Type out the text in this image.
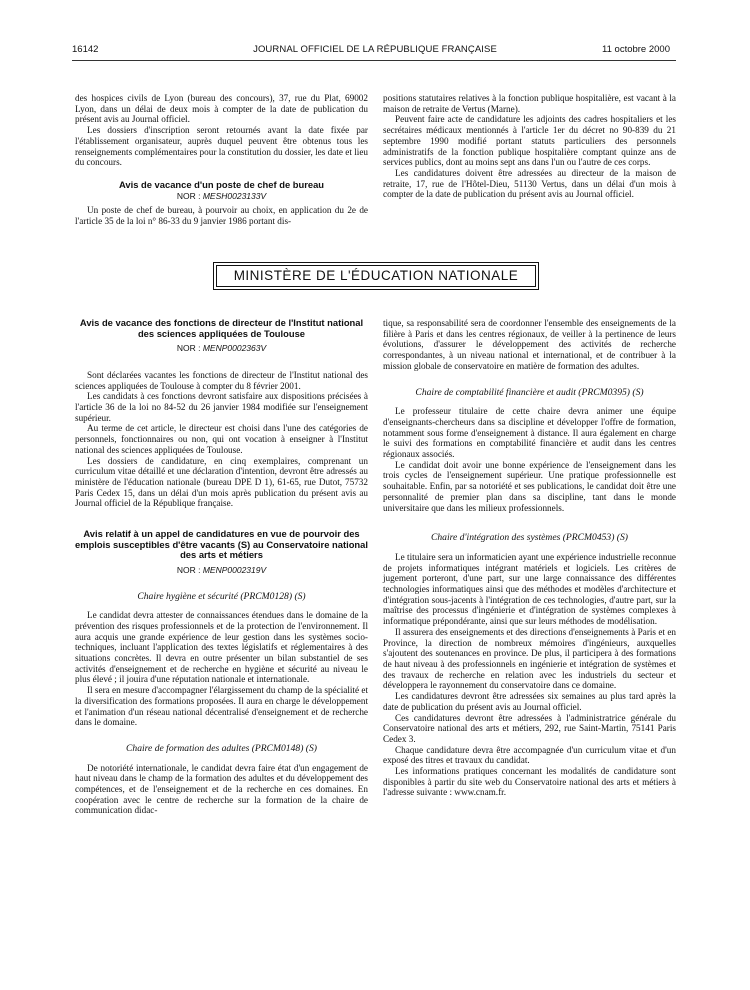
16142	JOURNAL OFFICIEL DE LA RÉPUBLIQUE FRANÇAISE	11 octobre 2000

des hospices civils de Lyon (bureau des concours), 37, rue du Plat, 69002 Lyon, dans un délai de deux mois à compter de la date de publication du présent avis au Journal officiel.

Les dossiers d'inscription seront retournés avant la date fixée par l'établissement organisateur, auprès duquel peuvent être obtenus tous les renseignements complémentaires pour la constitution du dossier, les date et lieu du concours.

Avis de vacance d'un poste de chef de bureau
NOR : MESH0023133V

Un poste de chef de bureau, à pourvoir au choix, en application du 2e de l'article 35 de la loi n° 86-33 du 9 janvier 1986 portant dis-

positions statutaires relatives à la fonction publique hospitalière, est vacant à la maison de retraite de Vertus (Marne).

Peuvent faire acte de candidature les adjoints des cadres hospitaliers et les secrétaires médicaux mentionnés à l'article 1er du décret no 90-839 du 21 septembre 1990 modifié portant statuts particuliers des personnels administratifs de la fonction publique hospitalière comptant quinze ans de services publics, dont au moins sept ans dans l'un ou l'autre de ces corps.

Les candidatures doivent être adressées au directeur de la maison de retraite, 17, rue de l'Hôtel-Dieu, 51130 Vertus, dans un délai d'un mois à compter de la date de publication du présent avis au Journal officiel.

MINISTÈRE DE L'ÉDUCATION NATIONALE
Avis de vacance des fonctions de directeur de l'Institut national des sciences appliquées de Toulouse
NOR : MENP0002363V

Sont déclarées vacantes les fonctions de directeur de l'Institut national des sciences appliquées de Toulouse à compter du 8 février 2001.

Les candidats à ces fonctions devront satisfaire aux dispositions précisées à l'article 36 de la loi no 84-52 du 26 janvier 1984 modifiée sur l'enseignement supérieur.

Au terme de cet article, le directeur est choisi dans l'une des catégories de personnels, fonctionnaires ou non, qui ont vocation à enseigner à l'Institut national des sciences appliquées de Toulouse.

Les dossiers de candidature, en cinq exemplaires, comprenant un curriculum vitae détaillé et une déclaration d'intention, devront être adressés au ministère de l'éducation nationale (bureau DPE D 1), 61-65, rue Dutot, 75732 Paris Cedex 15, dans un délai d'un mois après publication du présent avis au Journal officiel de la République française.

Avis relatif à un appel de candidatures en vue de pourvoir des emplois susceptibles d'être vacants (S) au Conservatoire national des arts et métiers
NOR : MENP0002319V
Chaire hygiène et sécurité (PRCM0128) (S)

Le candidat devra attester de connaissances étendues dans le domaine de la prévention des risques professionnels et de la protection de l'environnement. Il aura acquis une grande expérience de leur gestion dans les systèmes socio-techniques, incluant l'application des textes législatifs et réglementaires à des situations concrètes. Il devra en outre présenter un bilan substantiel de ses activités d'enseignement et de recherche en hygiène et sécurité au niveau le plus élevé ; il jouira d'une réputation nationale et internationale.

Il sera en mesure d'accompagner l'élargissement du champ de la spécialité et la diversification des formations proposées. Il aura en charge le développement et l'animation d'un réseau national décentralisé d'enseignement et de recherche dans le domaine.

Chaire de formation des adultes (PRCM0148) (S)

De notoriété internationale, le candidat devra faire état d'un engagement de haut niveau dans le champ de la formation des adultes et du développement des compétences, et de l'enseignement et de la recherche en ces domaines. En coopération avec le centre de recherche sur la formation de la chaire de communication didac-

tique, sa responsabilité sera de coordonner l'ensemble des enseignements de la filière à Paris et dans les centres régionaux, de veiller à la pertinence de leurs évolutions, d'assurer le développement des activités de recherche correspondantes, à un niveau national et international, et de contribuer à la mission globale de conservatoire en matière de formation des adultes.

Chaire de comptabilité financière et audit (PRCM0395) (S)

Le professeur titulaire de cette chaire devra animer une équipe d'enseignants-chercheurs dans sa discipline et développer l'offre de formation, notamment sous forme d'enseignement à distance. Il aura également en charge le suivi des formations en comptabilité financière et audit dans les centres régionaux associés.

Le candidat doit avoir une bonne expérience de l'enseignement dans les trois cycles de l'enseignement supérieur. Une pratique professionnelle est souhaitable. Enfin, par sa notoriété et ses publications, le candidat doit être une personnalité de premier plan dans sa discipline, tant dans le monde universitaire que dans les milieux professionnels.

Chaire d'intégration des systèmes (PRCM0453) (S)

Le titulaire sera un informaticien ayant une expérience industrielle reconnue de projets informatiques intégrant matériels et logiciels. Les critères de jugement porteront, d'une part, sur une large connaissance des différentes technologies informatiques ainsi que des méthodes et modèles d'architecture et d'intégration sous-jacents à l'intégration de ces technologies, d'autre part, sur la maîtrise des processus d'ingénierie et d'intégration de systèmes complexes à informatique prépondérante, ainsi que sur leurs méthodes de modélisation.

Il assurera des enseignements et des directions d'enseignements à Paris et en Province, la direction de nombreux mémoires d'ingénieurs, auxquelles s'ajoutent des soutenances en province. De plus, il participera à des formations de haut niveau à des professionnels en ingénierie et intégration de systèmes et des travaux de recherche en relation avec les industriels du secteur et développera le rayonnement du conservatoire dans ce domaine.

Les candidatures devront être adressées six semaines au plus tard après la date de publication du présent avis au Journal officiel.

Ces candidatures devront être adressées à l'administratrice générale du Conservatoire national des arts et métiers, 292, rue Saint-Martin, 75141 Paris Cedex 3.

Chaque candidature devra être accompagnée d'un curriculum vitae et d'un exposé des titres et travaux du candidat.

Les informations pratiques concernant les modalités de candidature sont disponibles à partir du site web du Conservatoire national des arts et métiers à l'adresse suivante : www.cnam.fr.
